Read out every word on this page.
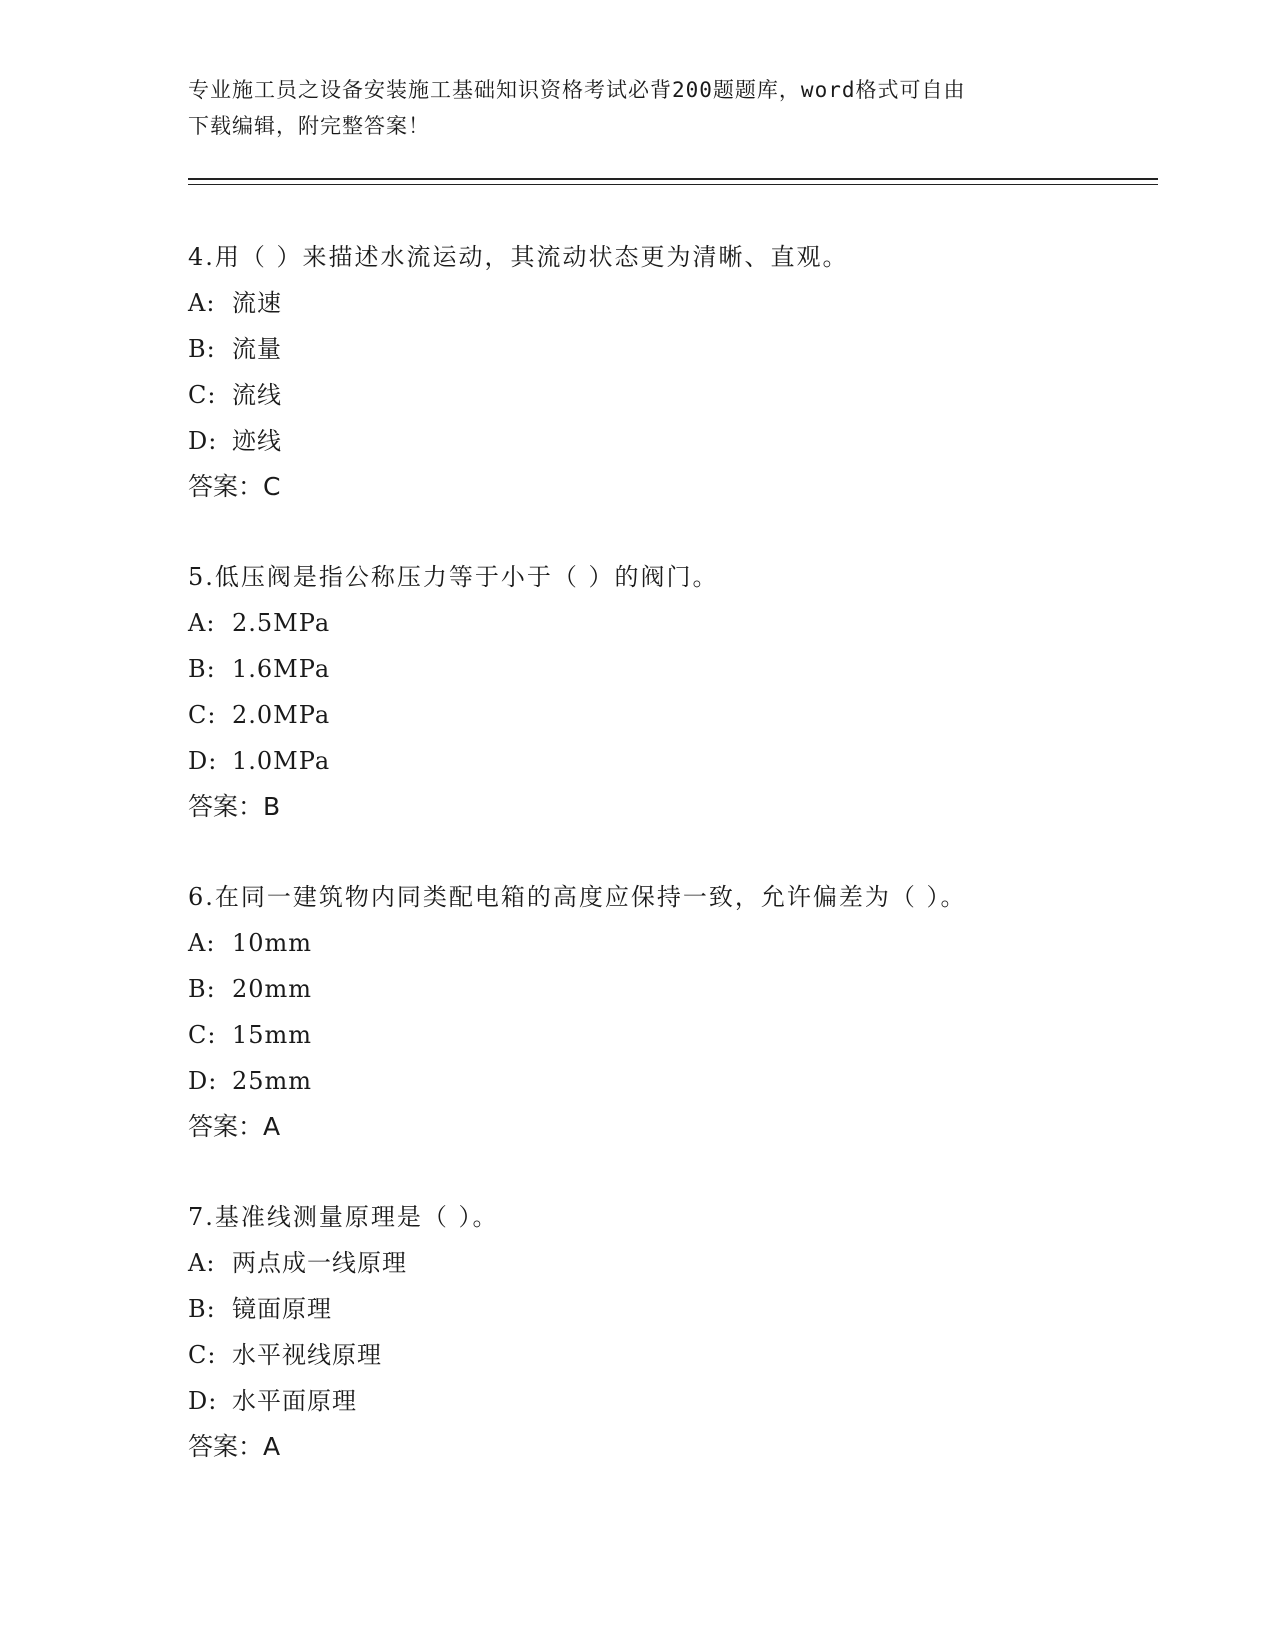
专业施工员之设备安装施工基础知识资格考试必背200题题库，word格式可自由
下载编辑，附完整答案！
4.用（ ）来描述水流运动，其流动状态更为清晰、直观。
A: 流速
B: 流量
C: 流线
D: 迹线
答案：C
5.低压阀是指公称压力等于小于（ ）的阀门。
A: 2.5MPa
B: 1.6MPa
C: 2.0MPa
D: 1.0MPa
答案：B
6.在同一建筑物内同类配电箱的高度应保持一致，允许偏差为（ ）。
A: 10mm
B: 20mm
C: 15mm
D: 25mm
答案：A
7.基准线测量原理是（ ）。
A: 两点成一线原理
B: 镜面原理
C: 水平视线原理
D: 水平面原理
答案：A
